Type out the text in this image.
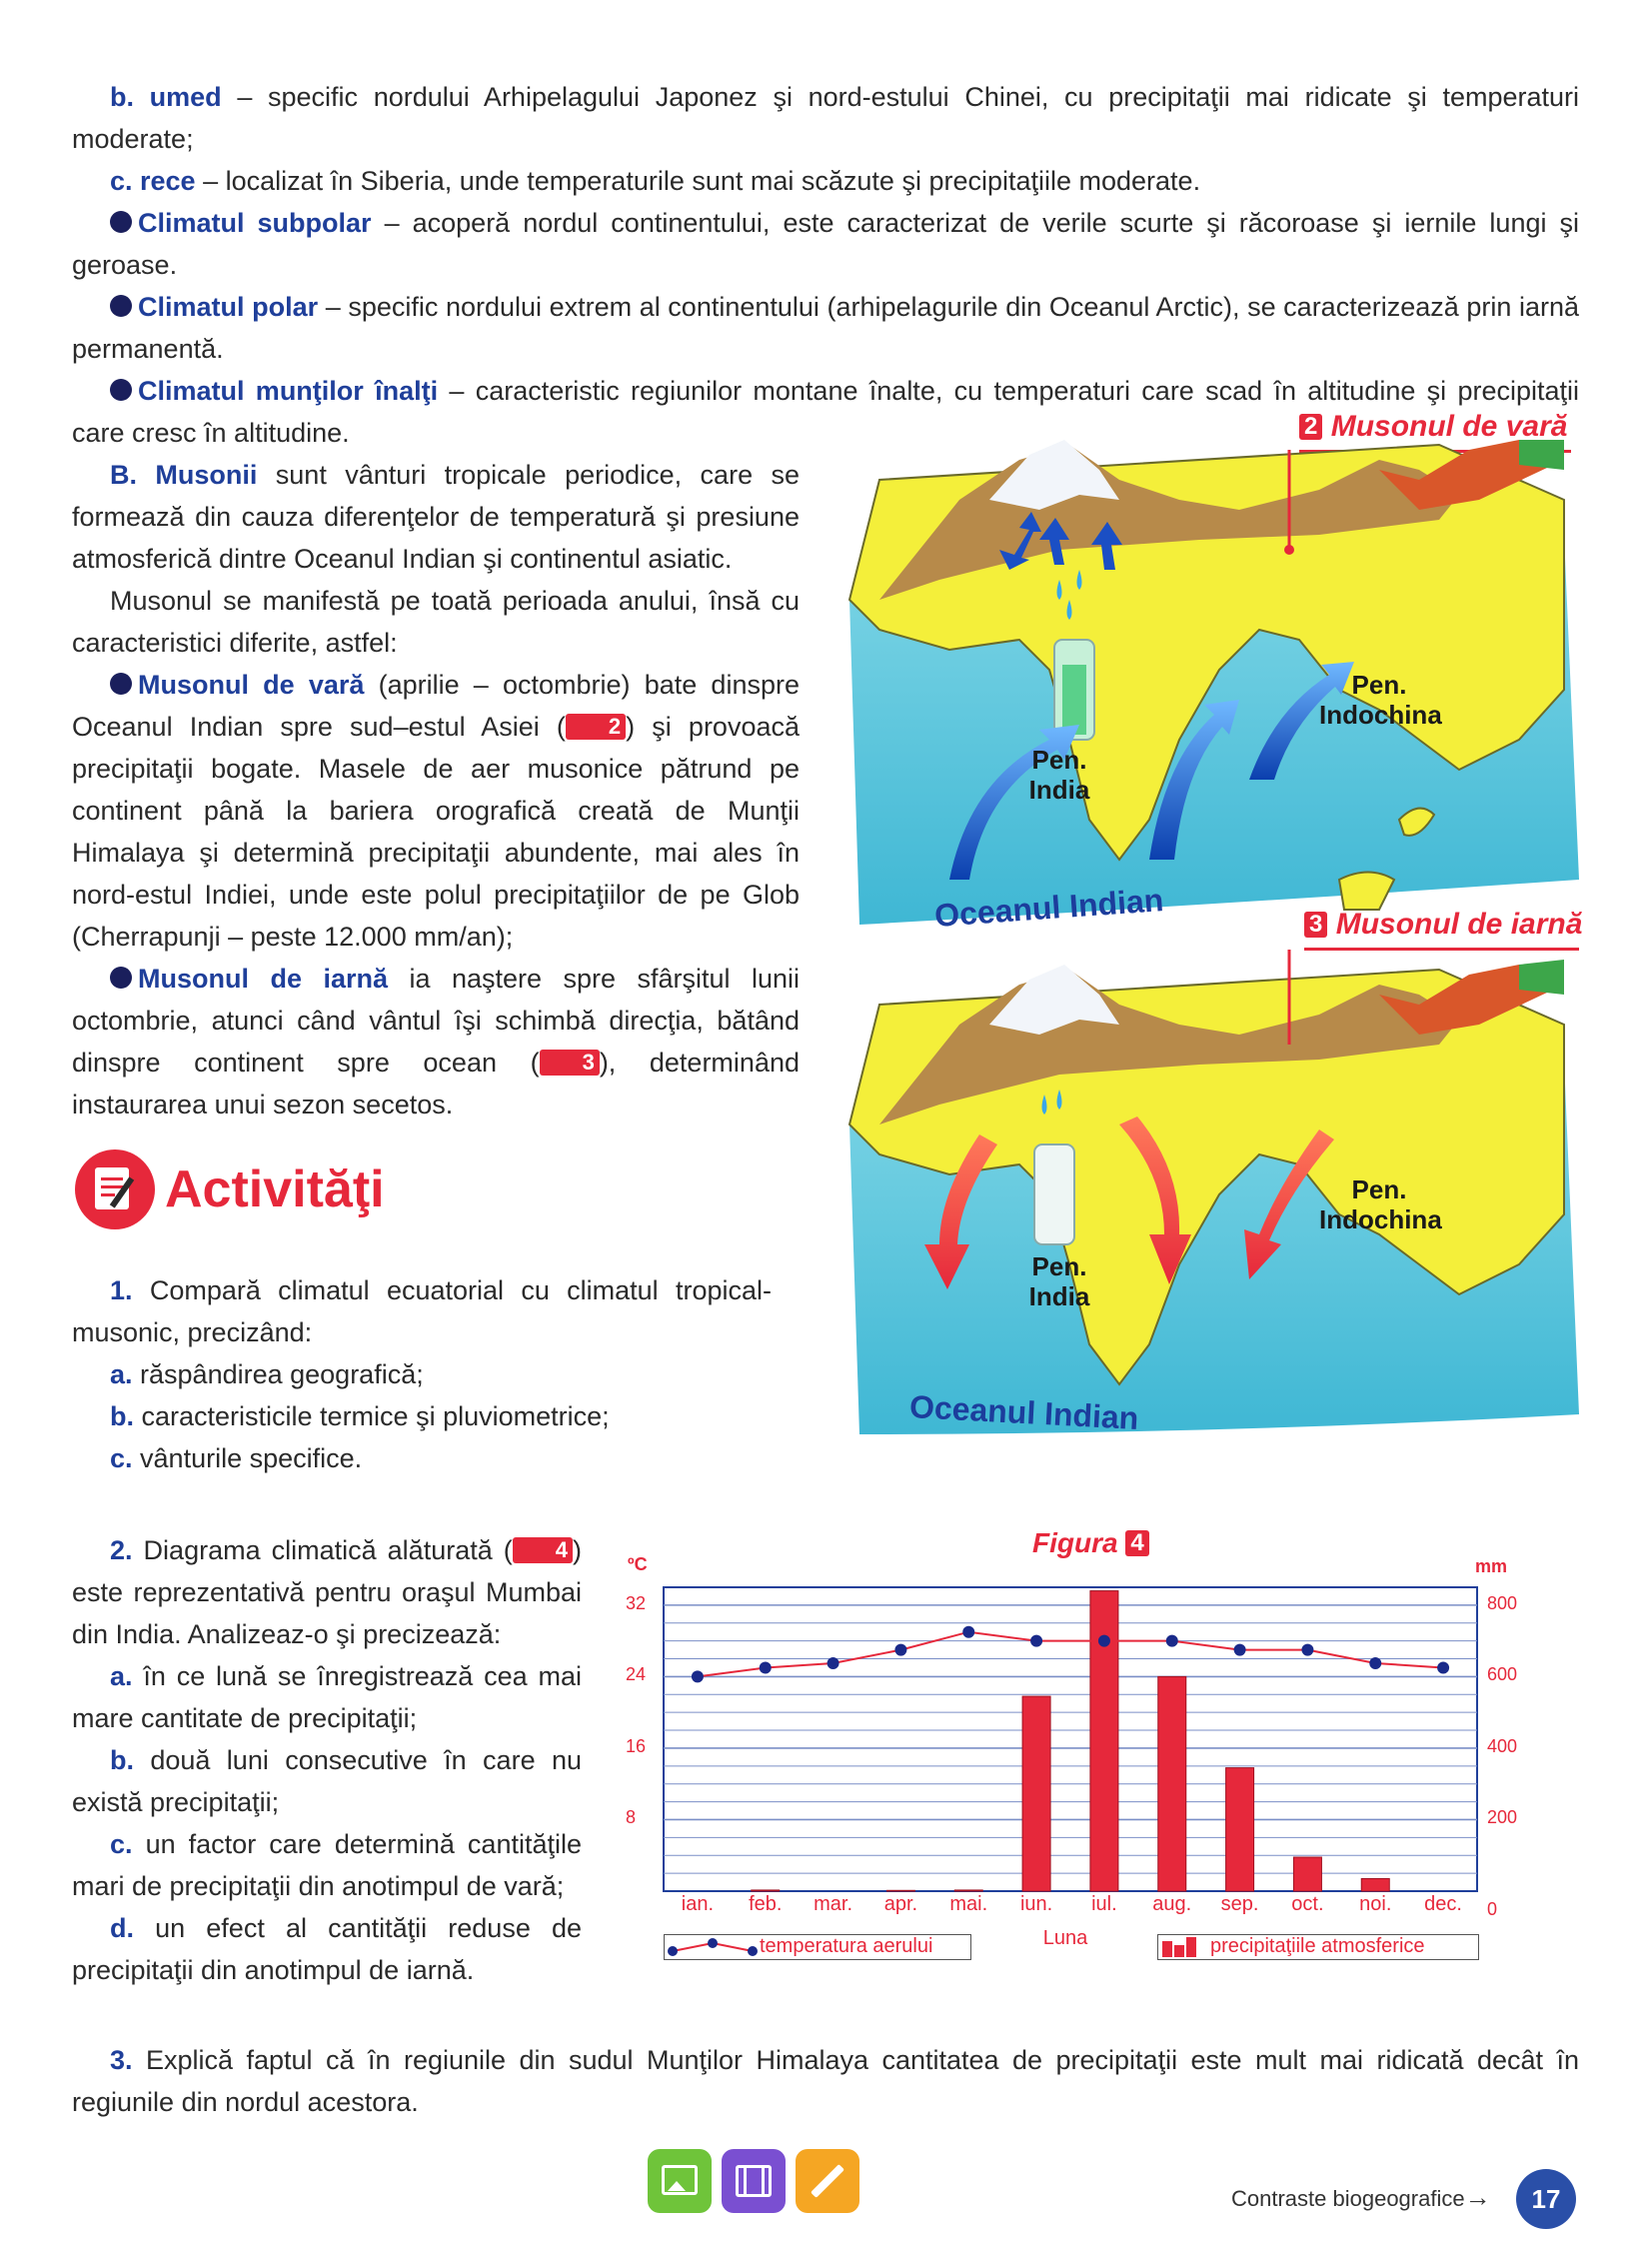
b. umed – specific nordului Arhipelagului Japonez şi nord-estului Chinei, cu precipitaţii mai ridicate şi temperaturi moderate;
c. rece – localizat în Siberia, unde temperaturile sunt mai scăzute şi precipitaţiile moderate.
Climatul subpolar – acoperă nordul continentului, este caracterizat de verile scurte şi răcoroase şi iernile lungi şi geroase.
Climatul polar – specific nordului extrem al continentului (arhipelagurile din Oceanul Arctic), se caracterizează prin iarnă permanentă.
Climatul munţilor înalţi – caracteristic regiunilor montane înalte, cu temperaturi care scad în altitudine şi precipitaţii care cresc în altitudine.
B. Musonii sunt vânturi tropicale periodice, care se formează din cauza diferenţelor de temperatură şi presiune atmosferică dintre Oceanul Indian şi continentul asiatic.
Musonul se manifestă pe toată perioada anului, însă cu caracteristici diferite, astfel:
Musonul de vară (aprilie – octombrie) bate dinspre Oceanul Indian spre sud–estul Asiei ( 2 ) şi provoacă precipitaţii bogate. Masele de aer musonice pătrund pe continent până la bariera orografică creată de Munţii Himalaya şi determină precipitaţii abundente, mai ales în nord-estul Indiei, unde este polul precipitaţiilor de pe Glob (Cherrapunji – peste 12.000 mm/an);
Musonul de iarnă ia naştere spre sfârşitul lunii octombrie, atunci când vântul îşi schimbă direcţia, bătând dinspre continent spre ocean ( 3 ), determinând instaurarea unui sezon secetos.
2 Musonul de vară
Pen. India
Pen. Indochina
Oceanul Indian	3 Musonul de iarnă
Pen. India
Pen. Indochina
Oceanul Indian
Activităţi
1. Compară climatul ecuatorial cu climatul tropical-musonic, precizând:
a. răspândirea geografică;
b. caracteristicile termice şi pluviometrice;
c. vânturile specifice.
2. Diagrama climatică alăturată ( 4 ) este reprezentativă pentru oraşul Mumbai din India. Analizeaz-o şi precizează:
a. în ce lună se înregistrează cea mai mare cantitate de precipitaţii;
b. două luni consecutive în care nu există precipitaţii;
c. un factor care determină cantităţile mari de precipitaţii din anotimpul de vară;
d. un efect al cantităţii reduse de precipitaţii din anotimpul de iarnă.
Figura 4
ºC	mm
32
24
16
8
800
600
400
200
0
ian.	feb.	mar.	apr.	mai.	iun.	iul.	aug.	sep.	oct.	noi.	dec.
Luna
temperatura aerului	precipitaţiile atmosferice
3. Explică faptul că în regiunile din sudul Munţilor Himalaya cantitatea de precipitaţii este mult mai ridicată decât în regiunile din nordul acestora.
Contraste biogeografice→	17
